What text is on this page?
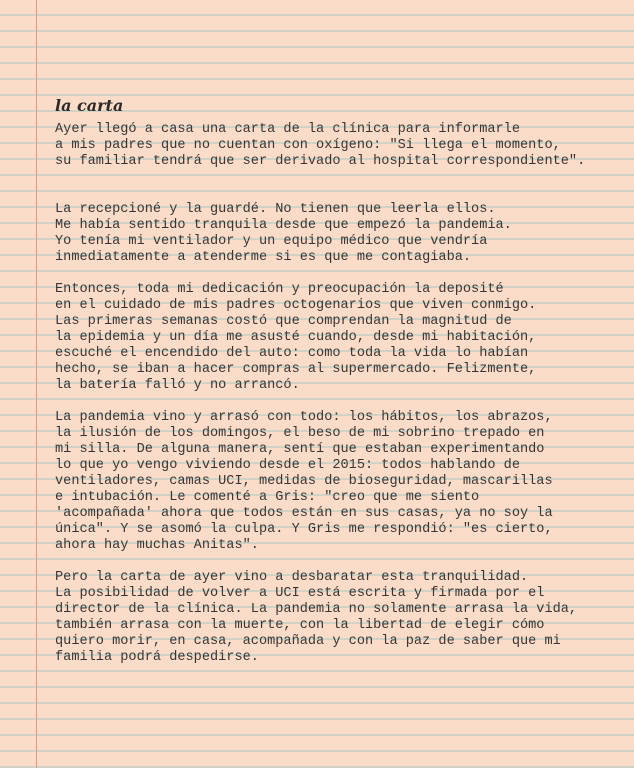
la carta

Ayer llegó a casa una carta de la clínica para informarle
a mis padres que no cuentan con oxígeno: "Si llega el momento,
su familiar tendrá que ser derivado al hospital correspondiente".

La recepcioné y la guardé. No tienen que leerla ellos.
Me había sentido tranquila desde que empezó la pandemia.
Yo tenía mi ventilador y un equipo médico que vendría
inmediatamente a atenderme si es que me contagiaba.

Entonces, toda mi dedicación y preocupación la deposité
en el cuidado de mis padres octogenarios que viven conmigo.
Las primeras semanas costó que comprendan la magnitud de
la epidemia y un día me asusté cuando, desde mi habitación,
escuché el encendido del auto: como toda la vida lo habían
hecho, se iban a hacer compras al supermercado. Felizmente,
la batería falló y no arrancó.

La pandemia vino y arrasó con todo: los hábitos, los abrazos,
la ilusión de los domingos, el beso de mi sobrino trepado en
mi silla. De alguna manera, sentí que estaban experimentando
lo que yo vengo viviendo desde el 2015: todos hablando de
ventiladores, camas UCI, medidas de bioseguridad, mascarillas
e intubación. Le comenté a Gris: "creo que me siento
'acompañada' ahora que todos están en sus casas, ya no soy la
única". Y se asomó la culpa. Y Gris me respondió: "es cierto,
ahora hay muchas Anitas".

Pero la carta de ayer vino a desbaratar esta tranquilidad.
La posibilidad de volver a UCI está escrita y firmada por el
director de la clínica. La pandemia no solamente arrasa la vida,
también arrasa con la muerte, con la libertad de elegir cómo
quiero morir, en casa, acompañada y con la paz de saber que mi
familia podrá despedirse.
